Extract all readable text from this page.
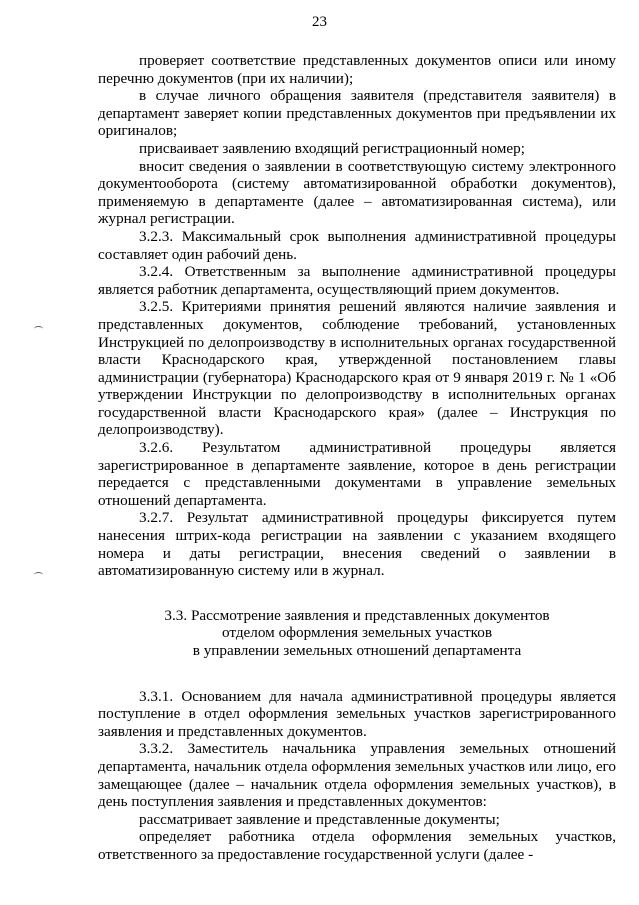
23

проверяет соответствие представленных документов описи или иному перечню документов (при их наличии);

в случае личного обращения заявителя (представителя заявителя) в департамент заверяет копии представленных документов при предъявлении их оригиналов;

присваивает заявлению входящий регистрационный номер;

вносит сведения о заявлении в соответствующую систему электронного документооборота (систему автоматизированной обработки документов), применяемую в департаменте (далее – автоматизированная система), или журнал регистрации.

3.2.3. Максимальный срок выполнения административной процедуры составляет один рабочий день.

3.2.4. Ответственным за выполнение административной процедуры является работник департамента, осуществляющий прием документов.

3.2.5. Критериями принятия решений являются наличие заявления и представленных документов, соблюдение требований, установленных Инструкцией по делопроизводству в исполнительных органах государственной власти Краснодарского края, утвержденной постановлением главы администрации (губернатора) Краснодарского края от 9 января 2019 г. № 1 «Об утверждении Инструкции по делопроизводству в исполнительных органах государственной власти Краснодарского края» (далее – Инструкция по делопроизводству).

3.2.6. Результатом административной процедуры является зарегистрированное в департаменте заявление, которое в день регистрации передается с представленными документами в управление земельных отношений департамента.

3.2.7. Результат административной процедуры фиксируется путем нанесения штрих-кода регистрации на заявлении с указанием входящего номера и даты регистрации, внесения сведений о заявлении в автоматизированную систему или в журнал.

3.3. Рассмотрение заявления и представленных документов
отделом оформления земельных участков
в управлении земельных отношений департамента

3.3.1. Основанием для начала административной процедуры является поступление в отдел оформления земельных участков зарегистрированного заявления и представленных документов.

3.3.2. Заместитель начальника управления земельных отношений департамента, начальник отдела оформления земельных участков или лицо, его замещающее (далее – начальник отдела оформления земельных участков), в день поступления заявления и представленных документов:

рассматривает заявление и представленные документы;

определяет работника отдела оформления земельных участков, ответственного за предоставление государственной услуги (далее -
